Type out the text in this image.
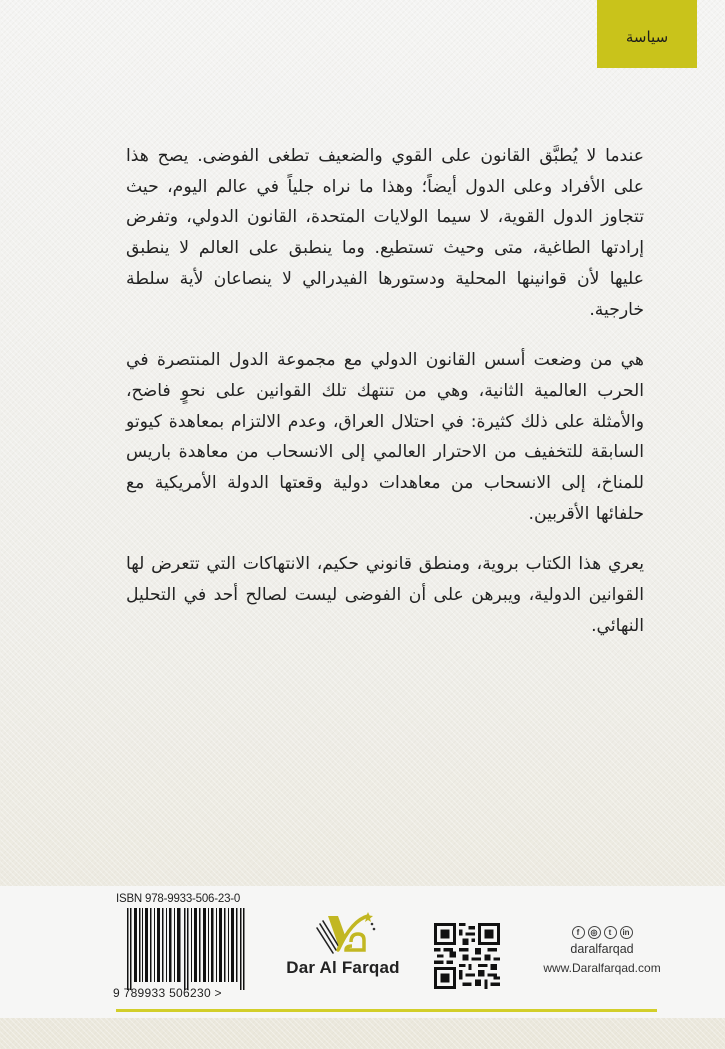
سياسة

عندما لا يُطبَّق القانون على القوي والضعيف تطغى الفوضى. يصح هذا على الأفراد وعلى الدول أيضاً؛ وهذا ما نراه جلياً في عالم اليوم، حيث تتجاوز الدول القوية، لا سيما الولايات المتحدة، القانون الدولي، وتفرض إرادتها الطاغية، متى وحيث تستطيع. وما ينطبق على العالم لا ينطبق عليها لأن قوانينها المحلية ودستورها الفيدرالي لا ينصاعان لأية سلطة خارجية.

هي من وضعت أسس القانون الدولي مع مجموعة الدول المنتصرة في الحرب العالمية الثانية، وهي من تنتهك تلك القوانين على نحوٍ فاضح، والأمثلة على ذلك كثيرة: في احتلال العراق، وعدم الالتزام بمعاهدة كيوتو السابقة للتخفيف من الاحترار العالمي إلى الانسحاب من معاهدة باريس للمناخ، إلى الانسحاب من معاهدات دولية وقعتها الدولة الأمريكية مع حلفائها الأقربين.

يعري هذا الكتاب بروية، ومنطق قانوني حكيم، الانتهاكات التي تتعرض لها القوانين الدولية، ويبرهن على أن الفوضى ليست لصالح أحد في التحليل النهائي.

ISBN 978-9933-506-23-0
9 789933 506230 >
Dar Al Farqad
f	◎	t	in
daralfarqad
www.Daralfarqad.com
